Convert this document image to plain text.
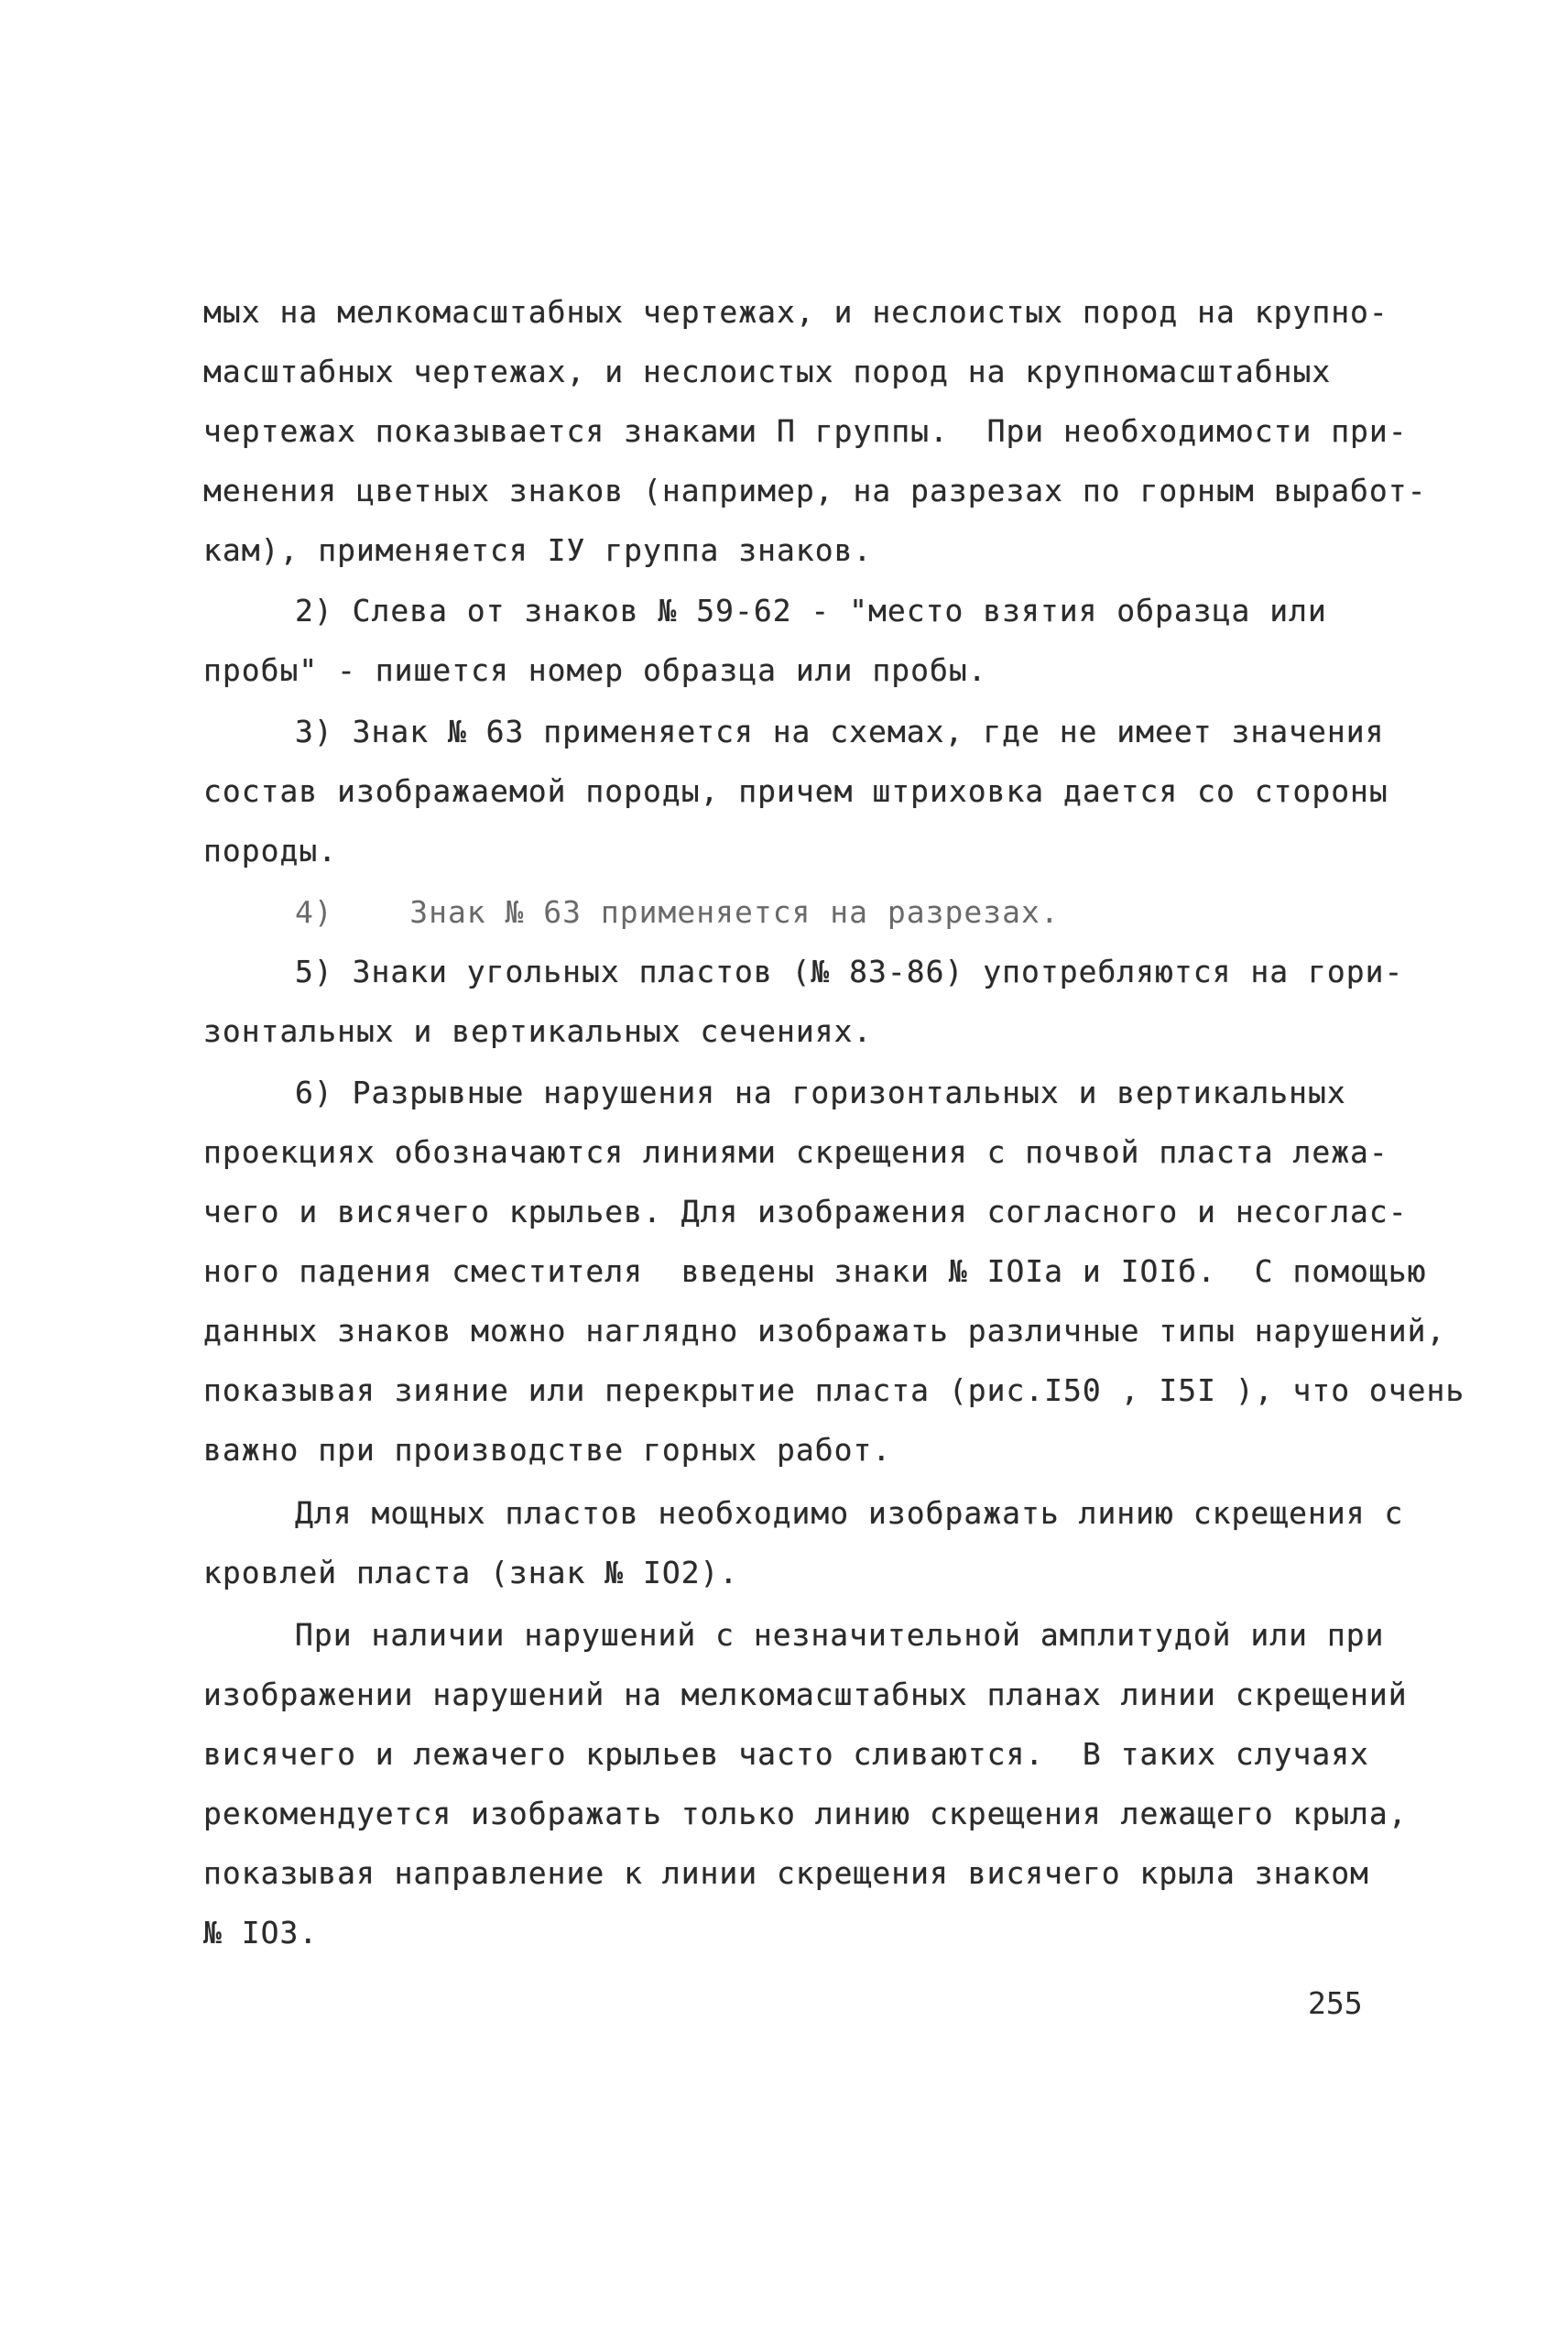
мых на мелкомасштабных чертежах, и неслоистых пород на крупно-
масштабных чертежах, и неслоистых пород на крупномасштабных
чертежах показывается знаками П группы.  При необходимости при-
менения цветных знаков (например, на разрезах по горным выработ-
кам), применяется IУ группа знаков.
2) Слева от знаков № 59-62 - "место взятия образца или
пробы" - пишется номер образца или пробы.
3) Знак № 63 применяется на схемах, где не имеет значения
состав изображаемой породы, причем штриховка дается со стороны
породы.
4)    Знак № 63 применяется на разрезах.
5) Знаки угольных пластов (№ 83-86) употребляются на гори-
зонтальных и вертикальных сечениях.
6) Разрывные нарушения на горизонтальных и вертикальных
проекциях обозначаются линиями скрещения с почвой пласта лежа-
чего и висячего крыльев. Для изображения согласного и несоглас-
ного падения сместителя  введены знаки № IOIa и IOIб.  С помощью
данных знаков можно наглядно изображать различные типы нарушений,
показывая зияние или перекрытие пласта (рис.I50 , I5I ), что очень
важно при производстве горных работ.
Для мощных пластов необходимо изображать линию скрещения с
кровлей пласта (знак № IO2).
При наличии нарушений с незначительной амплитудой или при
изображении нарушений на мелкомасштабных планах линии скрещений
висячего и лежачего крыльев часто сливаются.  В таких случаях
рекомендуется изображать только линию скрещения лежащего крыла,
показывая направление к линии скрещения висячего крыла знаком
№ IO3.
255
